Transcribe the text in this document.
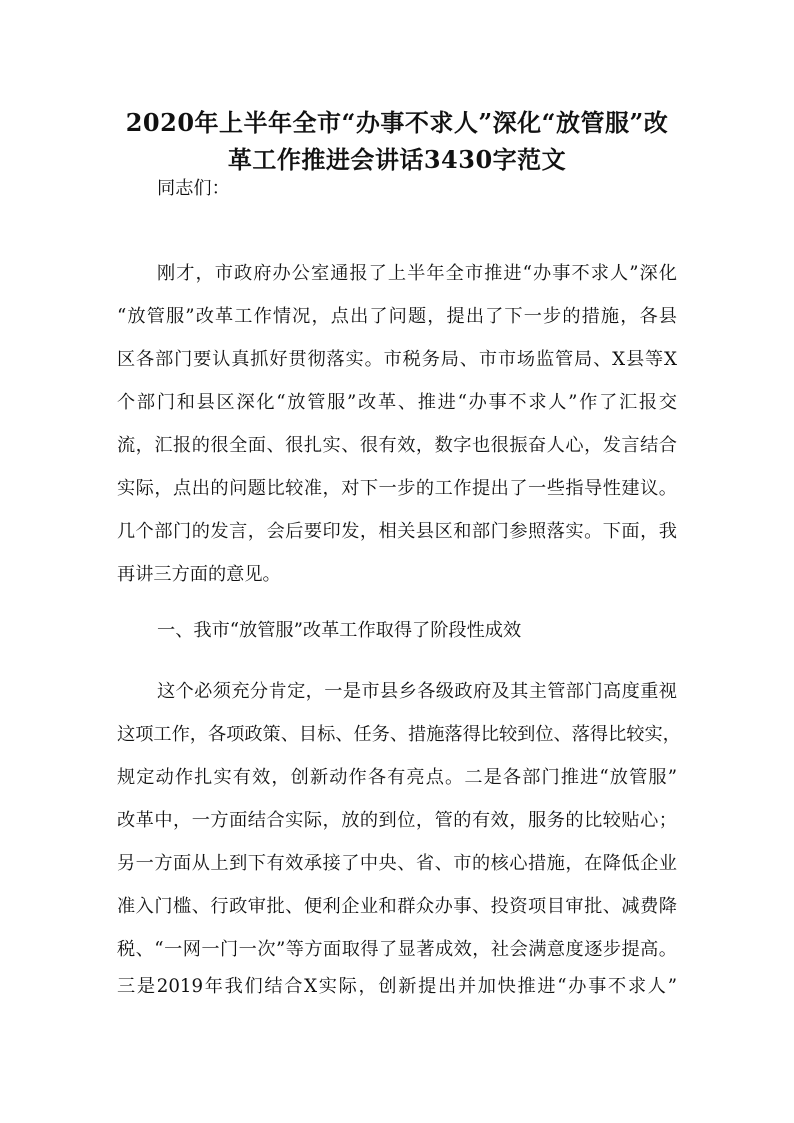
2020年上半年全市“办事不求人”深化“放管服”改
革工作推进会讲话3430字范文
同志们：
刚才，市政府办公室通报了上半年全市推进“办事不求人”深化
“放管服”改革工作情况，点出了问题，提出了下一步的措施，各县
区各部门要认真抓好贯彻落实。市税务局、市市场监管局、X县等X
个部门和县区深化“放管服”改革、推进“办事不求人”作了汇报交
流，汇报的很全面、很扎实、很有效，数字也很振奋人心，发言结合
实际，点出的问题比较准，对下一步的工作提出了一些指导性建议。
几个部门的发言，会后要印发，相关县区和部门参照落实。下面，我
再讲三方面的意见。
一、我市“放管服”改革工作取得了阶段性成效
这个必须充分肯定，一是市县乡各级政府及其主管部门高度重视
这项工作，各项政策、目标、任务、措施落得比较到位、落得比较实，
规定动作扎实有效，创新动作各有亮点。二是各部门推进“放管服”
改革中，一方面结合实际，放的到位，管的有效，服务的比较贴心；
另一方面从上到下有效承接了中央、省、市的核心措施，在降低企业
准入门槛、行政审批、便利企业和群众办事、投资项目审批、减费降
税、“一网一门一次”等方面取得了显著成效，社会满意度逐步提高。
三是2019年我们结合X实际，创新提出并加快推进“办事不求人”
